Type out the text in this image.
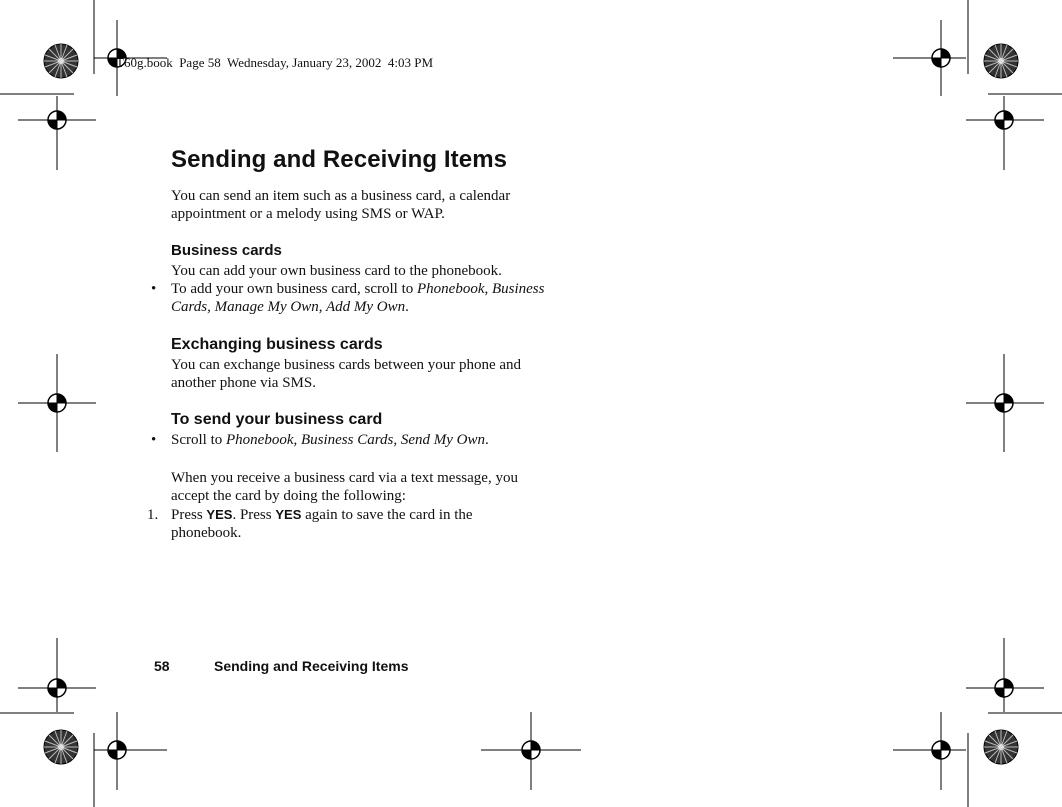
T60g.book  Page 58  Wednesday, January 23, 2002  4:03 PM
Sending and Receiving Items

You can send an item such as a business card, a calendar appointment or a melody using SMS or WAP.

Business cards

You can add your own business card to the phonebook.

• To add your own business card, scroll to Phonebook, Business Cards, Manage My Own, Add My Own.
Exchanging business cards

You can exchange business cards between your phone and another phone via SMS.

To send your business card
• Scroll to Phonebook, Business Cards, Send My Own.

When you receive a business card via a text message, you accept the card by doing the following:

1. Press YES. Press YES again to save the card in the phonebook.
58	Sending and Receiving Items
